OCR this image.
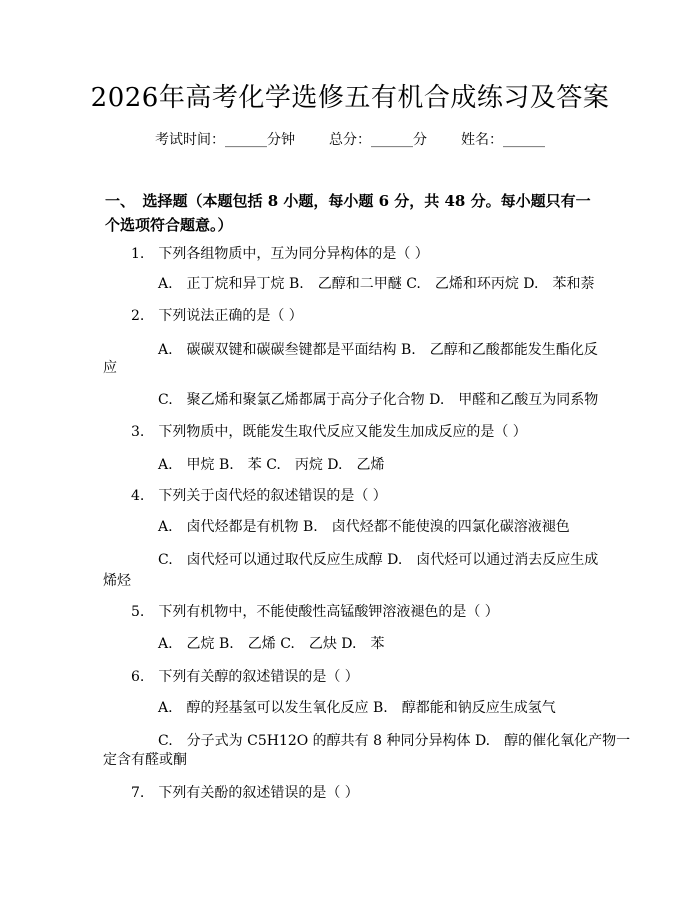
2026年高考化学选修五有机合成练习及答案
考试时间：______分钟 总分：______分 姓名：______
一、　选择题（本题包括 8 小题，每小题 6 分，共 48 分。每小题只有一个选项符合题意。）
1.　下列各组物质中，互为同分异构体的是（ ）
A.　正丁烷和异丁烷 B.　乙醇和二甲醚 C.　乙烯和环丙烷 D.　苯和萘
2.　下列说法正确的是（ ）
A.　碳碳双键和碳碳叁键都是平面结构 B.　乙醇和乙酸都能发生酯化反
应
C.　聚乙烯和聚氯乙烯都属于高分子化合物 D.　甲醛和乙酸互为同系物
3.　下列物质中，既能发生取代反应又能发生加成反应的是（ ）
A.　甲烷 B.　苯 C.　丙烷 D.　乙烯
4.　下列关于卤代烃的叙述错误的是（ ）
A.　卤代烃都是有机物 B.　卤代烃都不能使溴的四氯化碳溶液褪色
C.　卤代烃可以通过取代反应生成醇 D.　卤代烃可以通过消去反应生成
烯烃
5.　下列有机物中，不能使酸性高锰酸钾溶液褪色的是（ ）
A.　乙烷 B.　乙烯 C.　乙炔 D.　苯
6.　下列有关醇的叙述错误的是（ ）
A.　醇的羟基氢可以发生氧化反应 B.　醇都能和钠反应生成氢气
C.　分子式为 C5H12O 的醇共有 8 种同分异构体 D.　醇的催化氧化产物一
定含有醛或酮
7.　下列有关酚的叙述错误的是（ ）
